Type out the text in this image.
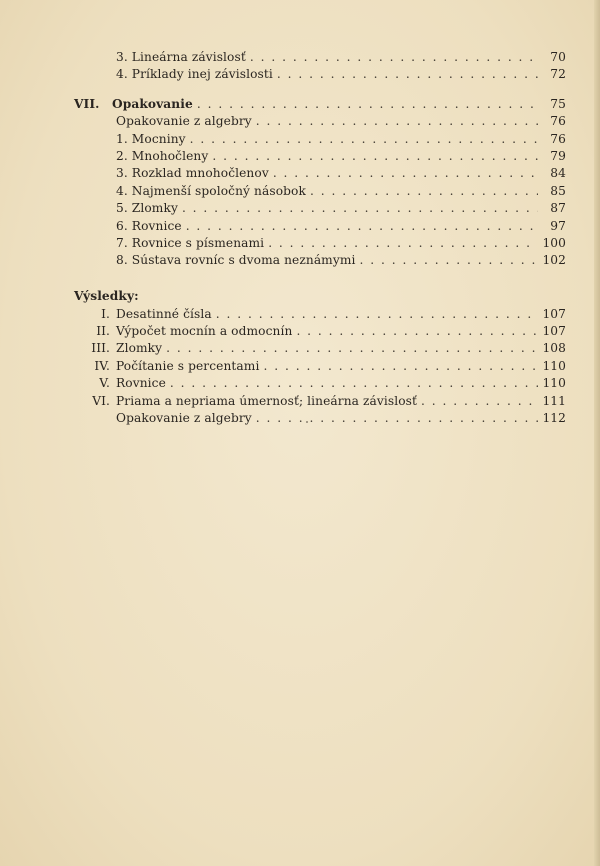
3. Lineárna závislosť . . .	70
4. Príklady inej závislosti . . .	72
VII.	Opakovanie . . .	75
Opakovanie z algebry . . .	76
1. Mocniny . . .	76
2. Mnohočleny . . .	79
3. Rozklad mnohočlenov . . .	84
4. Najmenší spoločný násobok . . .	85
5. Zlomky . . .	87
6. Rovnice . . .	97
7. Rovnice s písmenami . . .	100
8. Sústava rovníc s dvoma neznámymi . . .	102
Výsledky:
I. Desatinné čísla . . .	107
II. Výpočet mocnín a odmocnín . . .	107
III. Zlomky . . .	108
IV. Počítanie s percentami . . .	110
V. Rovnice . . .	110
VI. Priama a nepriama úmernosť; lineárna závislosť . . .	111
Opakovanie z algebry . . .	112
